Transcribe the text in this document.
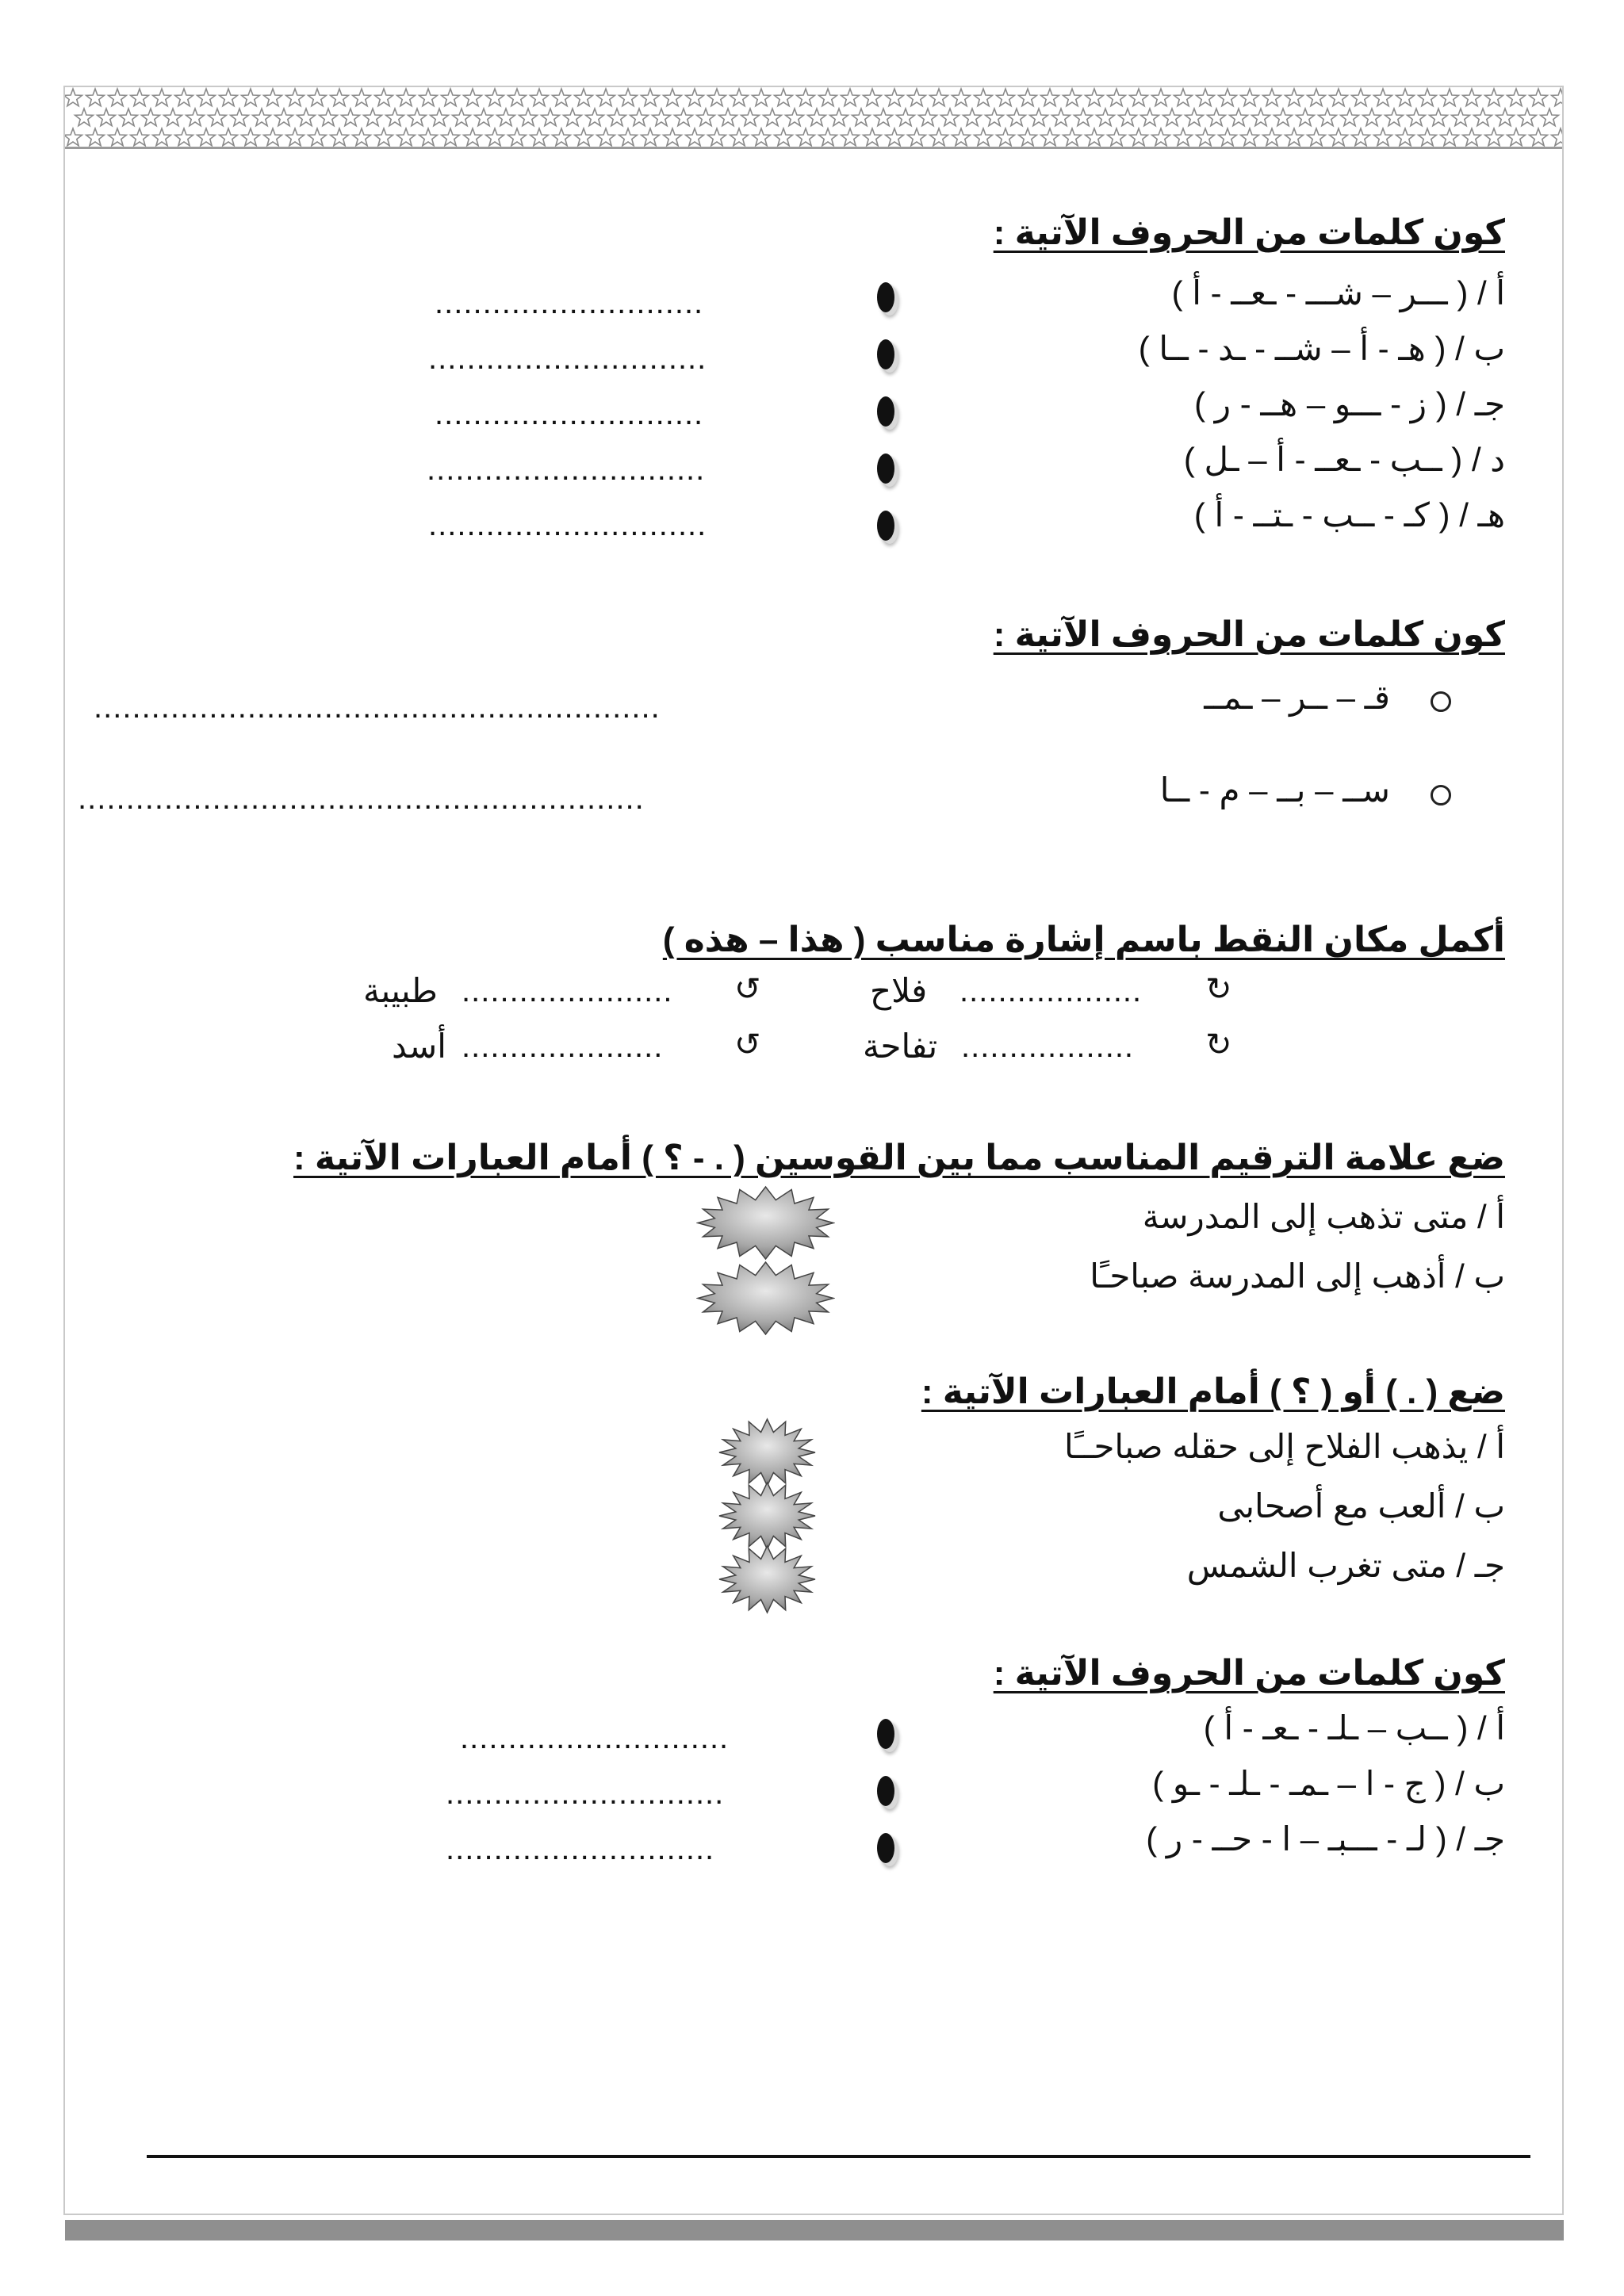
كون كلمات من الحروف الآتية :
أ / ( ـــر – شـــ - ـعــ - أ )
ب / ( هـ - أ – شــ - ـد - ــا )
جـ / ( ز - ـــو – هــ - ر )
د / ( ــب - ـعــ - أ – ـل )
هـ / ( كـ - ــب - ـتــ - أ )
............................
.............................
............................
.............................
.............................
كون كلمات من الحروف الآتية :
قـ – ــر – ـمــ
ســ – بــ – م - ــا
...........................................................
...........................................................
أكمل مكان النقط باسم إشارة مناسب ( هذا – هذه )
↻
...................
فلاح
↺
......................
طبيبة
↻
..................
تفاحة
↺
.....................
أسد
ضع علامة الترقيم المناسب مما بين القوسين ( . - ؟ ) أمام العبارات الآتية :
أ / متى تذهب إلى المدرسة
ب / أذهب إلى المدرسة صباحـًا
ضع ( . ) أو ( ؟ ) أمام العبارات الآتية :
أ / يذهب الفلاح إلى حقله صباحــًا
ب / ألعب مع أصحابى
جـ / متى تغرب الشمس
كون كلمات من الحروف الآتية :
أ / ( ــب – ـلـ - ـعـ - أ )
ب / ( ج - ا – ـمـ - ـلـ - ـو )
جـ / ( لـ - ـــبـ – ا - حــ - ر )
............................
.............................
............................
